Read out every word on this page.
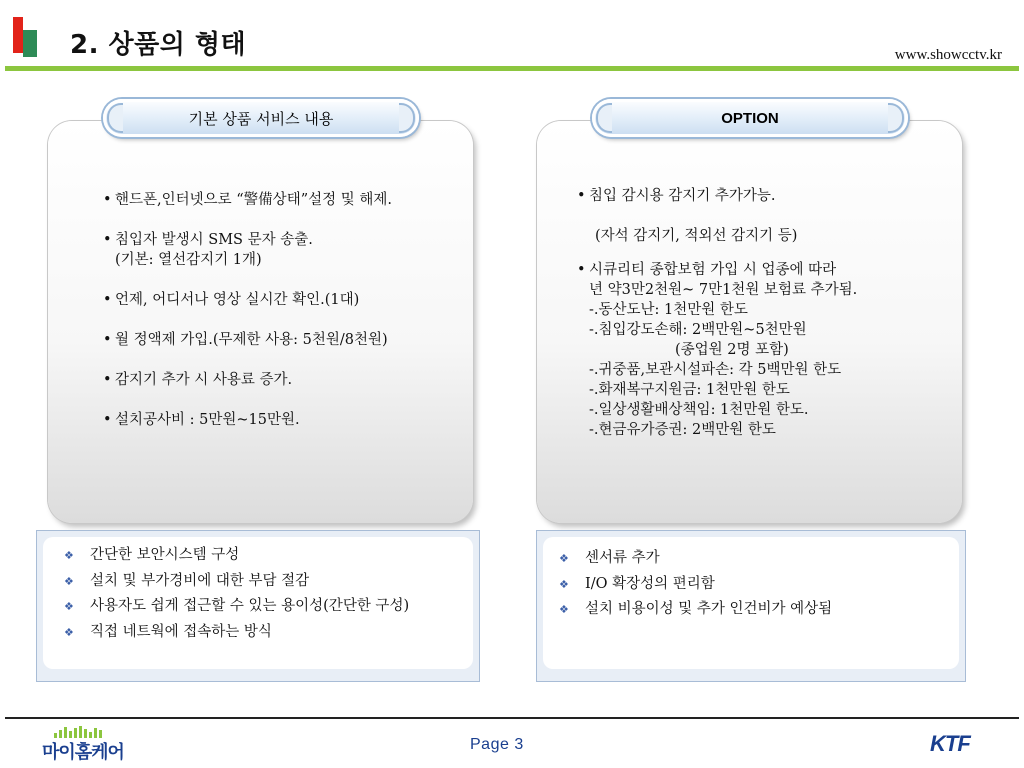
2. 상품의 형태	www.showcctv.kr
기본 상품 서비스 내용
• 핸드폰,인터넷으로 “警備상태”설정 및 해제.
• 침입자 발생시 SMS 문자 송출.
(기본: 열선감지기 1개)
• 언제, 어디서나 영상 실시간 확인.(1대)
• 월 정액제 가입.(무제한 사용: 5천원/8천원)
• 감지기 추가 시 사용료 증가.
• 설치공사비 : 5만원~15만원.
OPTION
• 침입 감시용 감지기 추가가능.
(자석 감지기, 적외선 감지기 등)
• 시큐리티 종합보험 가입 시 업종에 따라
년 약3만2천원~ 7만1천원 보험료 추가됨.
-.동산도난: 1천만원 한도
-.침입강도손해: 2백만원~5천만원
(종업원 2명 포함)
-.귀중품,보관시설파손: 각 5백만원 한도
-.화재복구지원금: 1천만원 한도
-.일상생활배상책임: 1천만원 한도.
-.현금유가증권: 2백만원 한도
❖ 간단한 보안시스템 구성
❖ 설치 및 부가경비에 대한 부담 절감
❖ 사용자도 쉽게 접근할 수 있는 용이성(간단한 구성)
❖ 직접 네트웍에 접속하는 방식
❖ 센서류 추가
❖ I/O 확장성의 편리함
❖ 설치 비용이성 및 추가 인건비가 예상됨
마이홈케어	Page 3	KTF
